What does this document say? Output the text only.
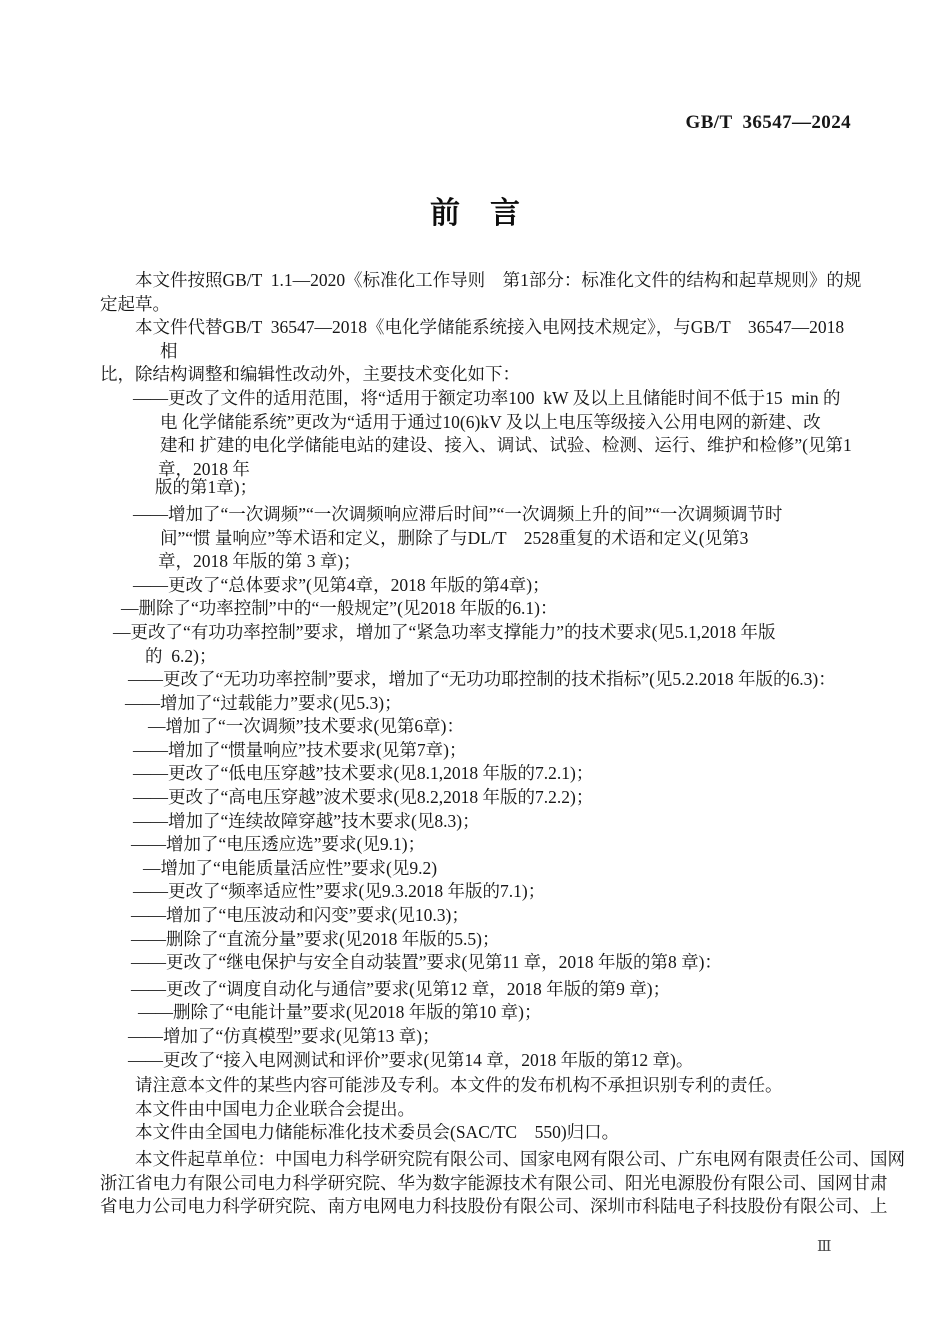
GB/T  36547—2024
前　言
本文件按照GB/T  1.1—2020《标准化工作导则　第1部分：标准化文件的结构和起草规则》的规
定起草。
本文件代替GB/T  36547—2018《电化学储能系统接入电网技术规定》，与GB/T　36547—2018
相
比，除结构调整和编辑性改动外，主要技术变化如下：
——更改了文件的适用范围，将“适用于额定功率100  kW 及以上且储能时间不低于15  min 的
电 化学储能系统”更改为“适用于通过10(6)kV 及以上电压等级接入公用电网的新建、改
建和 扩建的电化学储能电站的建设、接入、调试、试验、检测、运行、维护和检修”(见第1
章，2018 年
版的第1章)；
——增加了“一次调频”“一次调频响应滞后时间”“一次调频上升的间”“一次调频调节时
间”“惯 量响应”等术语和定义，删除了与DL/T　2528重复的术语和定义(见第3
章，2018 年版的第 3 章)；
——更改了“总体要求”(见第4章，2018 年版的第4章)；
—删除了“功率控制”中的“一般规定”(见2018 年版的6.1)：
—更改了“有功功率控制”要求，增加了“紧急功率支撑能力”的技术要求(见5.1,2018 年版
的  6.2)；
——更改了“无功功率控制”要求，增加了“无功功耶控制的技术指标”(见5.2.2018 年版的6.3)：
——增加了“过载能力”要求(见5.3)；
—增加了“一次调频”技术要求(见第6章)：
——增加了“惯量响应”技术要求(见第7章)；
——更改了“低电压穿越”技术要求(见8.1,2018 年版的7.2.1)；
——更改了“高电压穿越”波术要求(见8.2,2018 年版的7.2.2)；
——增加了“连续故障穿越”技木要求(见8.3)；
——增加了“电压透应选”要求(见9.1)；
—增加了“电能质量活应性”要求(见9.2)
——更改了“频率适应性”要求(见9.3.2018 年版的7.1)；
——增加了“电压波动和闪变”要求(见10.3)；
——删除了“直流分量”要求(见2018 年版的5.5)；
——更改了“继电保护与安全自动装置”要求(见第11 章，2018 年版的第8 章)：
——更改了“调度自动化与通信”要求(见第12 章，2018 年版的第9 章)；
——删除了“电能计量”要求(见2018 年版的第10 章)；
——增加了“仿真模型”要求(见第13 章)；
——更改了“接入电网测试和评价”要求(见第14 章，2018 年版的第12 章)。
请注意本文件的某些内容可能涉及专利。本文件的发布机构不承担识别专利的责任。
本文件由中国电力企业联合会提出。
本文件由全国电力储能标准化技术委员会(SAC/TC　550)归口。
本文件起草单位：中国电力科学研究院有限公司、国家电网有限公司、广东电网有限责任公司、国网
浙江省电力有限公司电力科学研究院、华为数字能源技术有限公司、阳光电源股份有限公司、国网甘肃
省电力公司电力科学研究院、南方电网电力科技股份有限公司、深圳市科陆电子科技股份有限公司、上
Ⅲ
